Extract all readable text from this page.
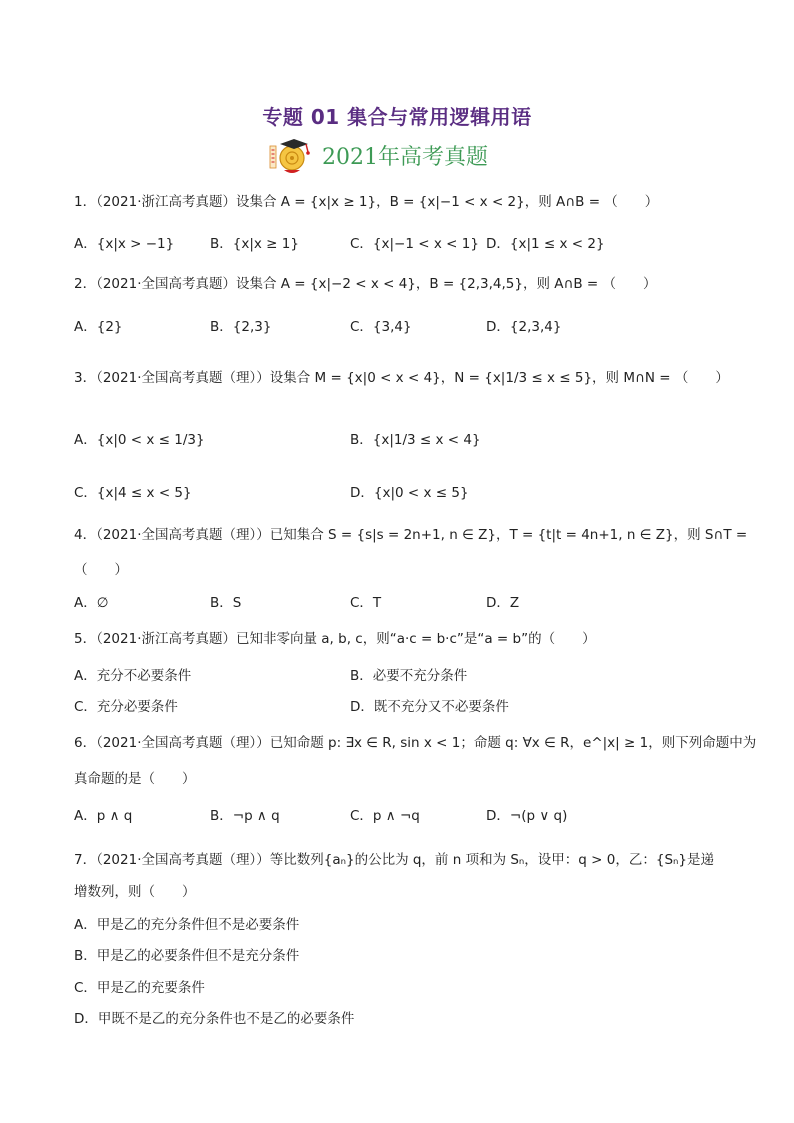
专题 01 集合与常用逻辑用语
2021年高考真题
1．（2021·浙江高考真题）设集合 A = {x|x ≥ 1}，B = {x|−1 < x < 2}，则 A∩B = （　　）
A．{x|x > −1}	B．{x|x ≥ 1}	C．{x|−1 < x < 1} D．{x|1 ≤ x < 2}
2．（2021·全国高考真题）设集合 A = {x|−2 < x < 4}，B = {2,3,4,5}，则 A∩B = （　　）
A．{2}	B．{2,3}	C．{3,4}	D．{2,3,4}
3．（2021·全国高考真题（理））设集合 M = {x|0 < x < 4}，N = {x|1/3 ≤ x ≤ 5}，则 M∩N = （　　）
A．{x|0 < x ≤ 1/3}	B．{x|1/3 ≤ x < 4}
C．{x|4 ≤ x < 5}	D．{x|0 < x ≤ 5}
4．（2021·全国高考真题（理））已知集合 S = {s|s = 2n+1, n ∈ Z}，T = {t|t = 4n+1, n ∈ Z}，则 S∩T =
（　　）
A．∅	B．S	C．T	D．Z
5．（2021·浙江高考真题）已知非零向量 a, b, c，则“a·c = b·c”是“a = b”的（　　）
A．充分不必要条件	B．必要不充分条件
C．充分必要条件	D．既不充分又不必要条件
6．（2021·全国高考真题（理））已知命题 p: ∃x ∈ R, sin x < 1；命题 q: ∀x ∈ R，e^|x| ≥ 1，则下列命题中为
真命题的是（　　）
A．p ∧ q	B．¬p ∧ q	C．p ∧ ¬q	D．¬(p ∨ q)
7．（2021·全国高考真题（理））等比数列{aₙ}的公比为 q，前 n 项和为 Sₙ，设甲：q > 0，乙：{Sₙ}是递
增数列，则（　　）
A．甲是乙的充分条件但不是必要条件
B．甲是乙的必要条件但不是充分条件
C．甲是乙的充要条件
D．甲既不是乙的充分条件也不是乙的必要条件
